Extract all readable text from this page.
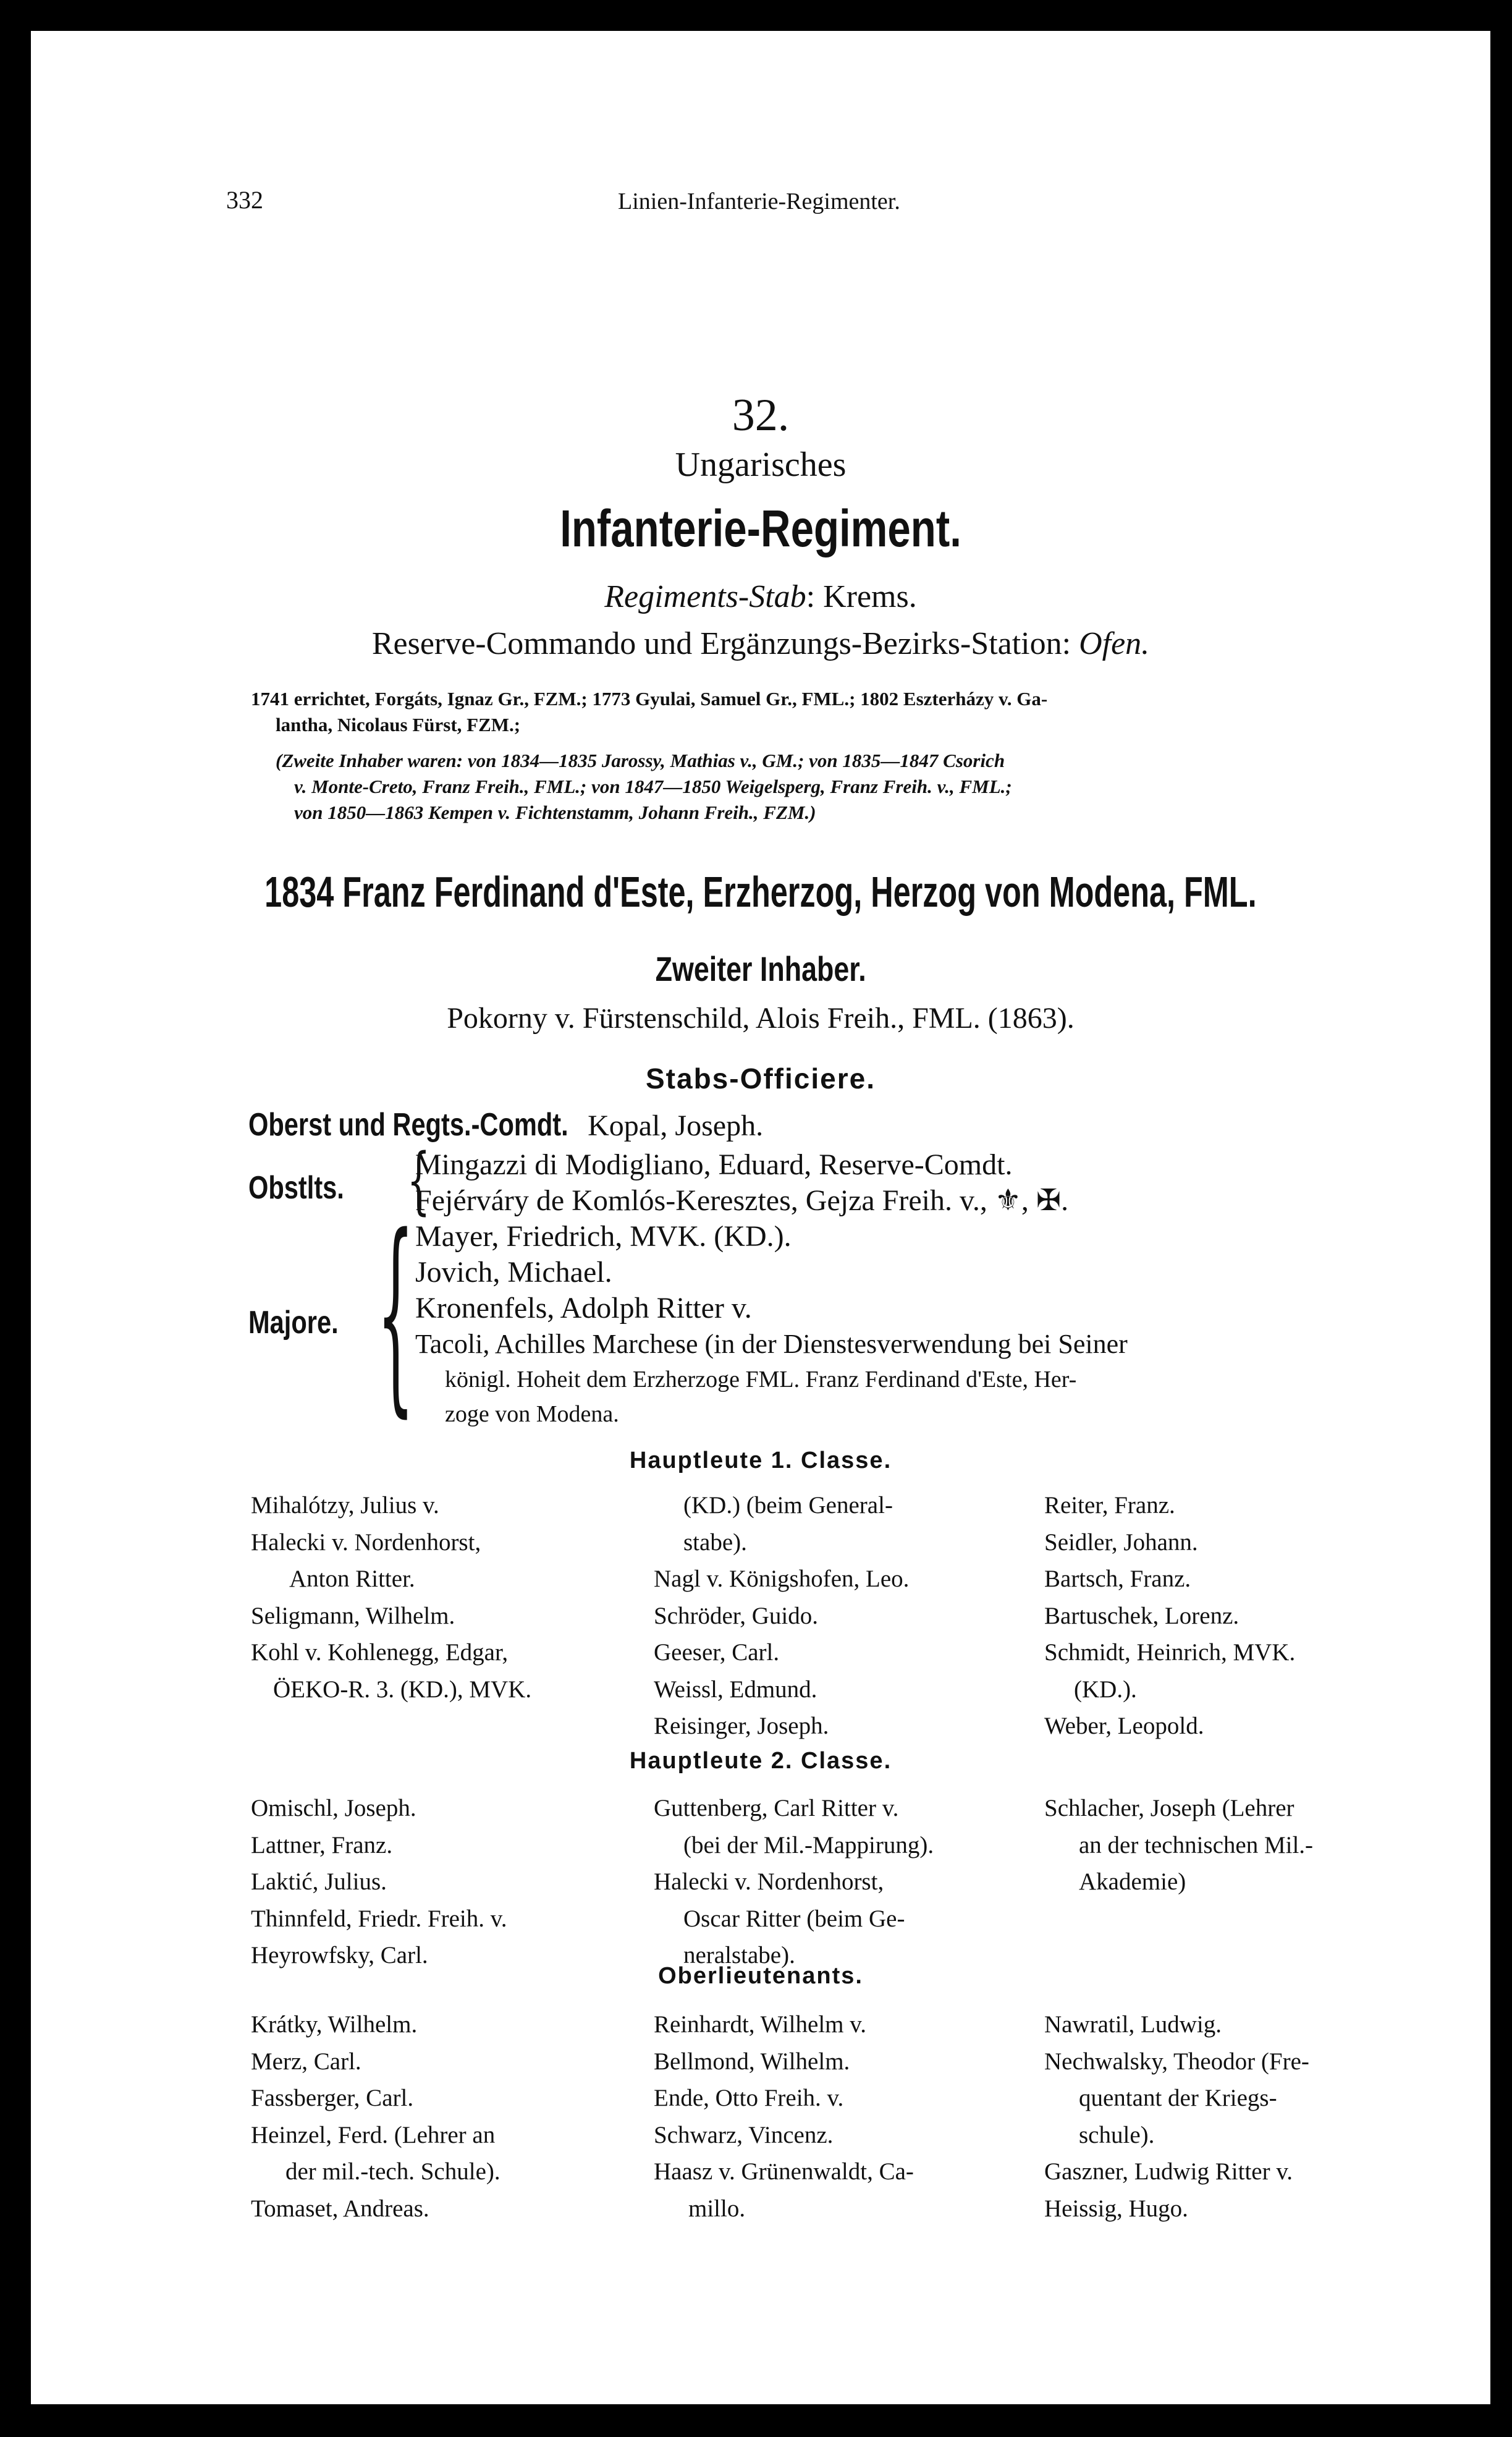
332	Linien-Infanterie-Regimenter.
32.
Ungarisches
Infanterie-Regiment.
Regiments-Stab: Krems.
Reserve-Commando und Ergänzungs-Bezirks-Station: Ofen.
1741 errichtet, Forgáts, Ignaz Gr., FZM.; 1773 Gyulai, Samuel Gr., FML.; 1802 Eszterházy v. Ga-
lantha, Nicolaus Fürst, FZM.;
(Zweite Inhaber waren: von 1834—1835 Jarossy, Mathias v., GM.; von 1835—1847 Csorich
v. Monte-Creto, Franz Freih., FML.; von 1847—1850 Weigelsperg, Franz Freih. v., FML.;
von 1850—1863 Kempen v. Fichtenstamm, Johann Freih., FZM.)
1834 Franz Ferdinand d'Este, Erzherzog, Herzog von Modena, FML.
Zweiter Inhaber.
Pokorny v. Fürstenschild, Alois Freih., FML. (1863).
Stabs-Officiere.
Oberst und Regts.-Comdt. Kopal, Joseph.
Obstlts. {
Mingazzi di Modigliano, Eduard, Reserve-Comdt.
Fejérváry de Komlós-Keresztes, Gejza Freih. v., ⚜, ✠.
Majore. { Mayer, Friedrich, MVK. (KD.).
Jovich, Michael.
Kronenfels, Adolph Ritter v.
Tacoli, Achilles Marchese (in der Dienstesverwendung bei Seiner
königl. Hoheit dem Erzherzoge FML. Franz Ferdinand d'Este, Her-
zoge von Modena.
Hauptleute 1. Classe.
Mihalótzy, Julius v.
Halecki v. Nordenhorst,
Anton Ritter.
Seligmann, Wilhelm.
Kohl v. Kohlenegg, Edgar,
ÖEKO-R. 3. (KD.), MVK.
(KD.) (beim General-
stabe).
Nagl v. Königshofen, Leo.
Schröder, Guido.
Geeser, Carl.
Weissl, Edmund.
Reisinger, Joseph.
Reiter, Franz.
Seidler, Johann.
Bartsch, Franz.
Bartuschek, Lorenz.
Schmidt, Heinrich, MVK.
(KD.).
Weber, Leopold.
Hauptleute 2. Classe.
Omischl, Joseph.
Lattner, Franz.
Laktić, Julius.
Thinnfeld, Friedr. Freih. v.
Heyrowfsky, Carl.
Guttenberg, Carl Ritter v.
(bei der Mil.-Mappirung).
Halecki v. Nordenhorst,
Oscar Ritter (beim Ge-
neralstabe).
Schlacher, Joseph (Lehrer
an der technischen Mil.-
Akademie)
Oberlieutenants.
Krátky, Wilhelm.
Merz, Carl.
Fassberger, Carl.
Heinzel, Ferd. (Lehrer an
der mil.-tech. Schule).
Tomaset, Andreas.
Reinhardt, Wilhelm v.
Bellmond, Wilhelm.
Ende, Otto Freih. v.
Schwarz, Vincenz.
Haasz v. Grünenwaldt, Ca-
millo.
Nawratil, Ludwig.
Nechwalsky, Theodor (Fre-
quentant der Kriegs-
schule).
Gaszner, Ludwig Ritter v.
Heissig, Hugo.
